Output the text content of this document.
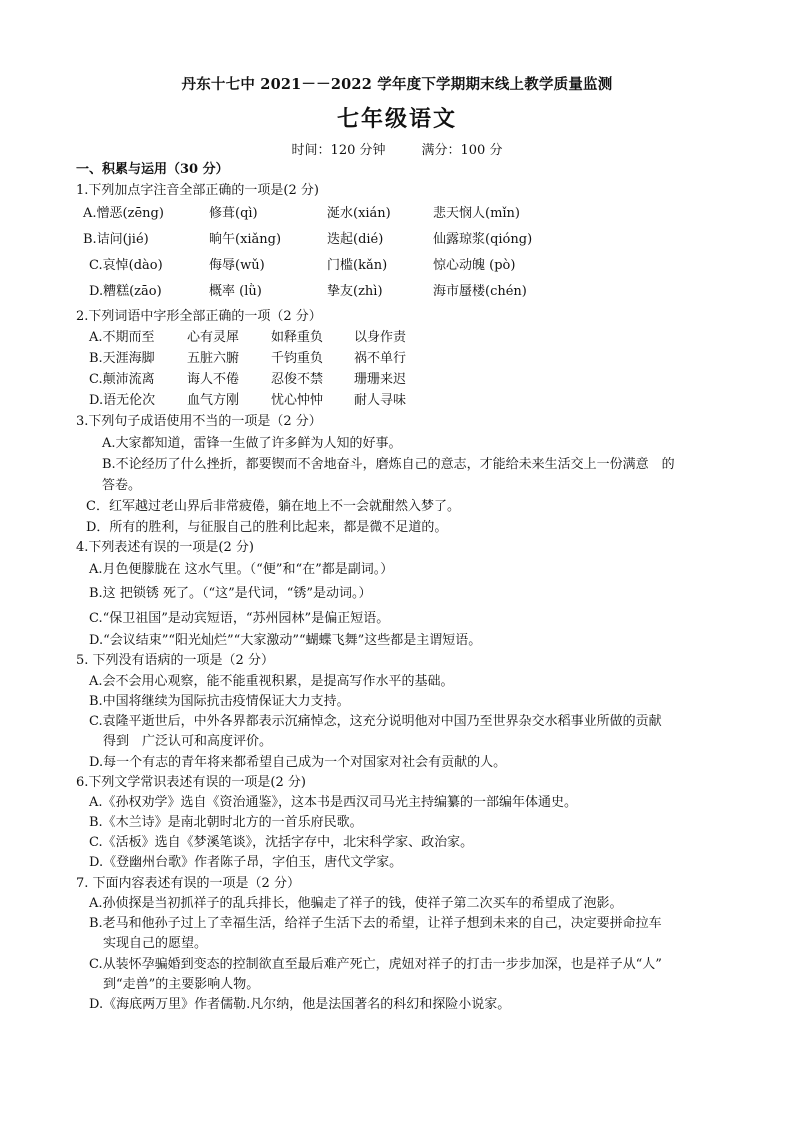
丹东十七中 2021－－2022 学年度下学期期末线上教学质量监测
七年级语文
时间：120 分钟	满分：100 分
一、积累与运用（30 分）
1.下列加点字注音全部正确的一项是(2 分)
A.憎恶(zēng)	修葺(qì)	涎水(xián)	悲天悯人(mǐn)
B.诘问(jié)	晌午(xiǎng)	迭起(dié)	仙露琼浆(qióng)
C.哀悼(dào)	侮辱(wǔ)	门槛(kǎn)	惊心动魄 (pò)
D.糟糕(zāo)	概率 (lǜ)	挚友(zhì)	海市蜃楼(chén)
2.下列词语中字形全部正确的一项（2 分）
A.不期而至 心有灵犀 如释重负 以身作责
B.天涯海脚 五脏六腑 千钧重负 祸不单行
C.颠沛流离 诲人不倦 忍俊不禁 珊珊来迟
D.语无伦次 血气方刚 忧心忡忡 耐人寻味
3.下列句子成语使用不当的一项是（2 分）
A.大家都知道，雷锋一生做了许多鲜为人知的好事。
B.不论经历了什么挫折，都要锲而不舍地奋斗，磨炼自己的意志，才能给未来生活交上一份满意　的
答卷。
C．红军越过老山界后非常疲倦，躺在地上不一会就酣然入梦了。
D．所有的胜利，与征服自己的胜利比起来，都是微不足道的。
4.下列表述有误的一项是(2 分)
A.月色便朦胧在 这水气里。（“便”和“在”都是副词。）
B.这 把锁锈 死了。（“这”是代词，“锈”是动词。）
C.“保卫祖国”是动宾短语，“苏州园林”是偏正短语。
D.“会议结束”“阳光灿烂”“大家激动”“蝴蝶飞舞”这些都是主谓短语。
5. 下列没有语病的一项是（2 分）
A.会不会用心观察，能不能重视积累，是提高写作水平的基础。
B.中国将继续为国际抗击疫情保证大力支持。
C.袁隆平逝世后，中外各界都表示沉痛悼念，这充分说明他对中国乃至世界杂交水稻事业所做的贡献
得到　广泛认可和高度评价。
D.每一个有志的青年将来都希望自己成为一个对国家对社会有贡献的人。
6.下列文学常识表述有误的一项是(2 分)
A.《孙权劝学》选自《资治通鉴》，这本书是西汉司马光主持编纂的一部编年体通史。
B.《木兰诗》是南北朝时北方的一首乐府民歌。
C.《活板》选自《梦溪笔谈》，沈括字存中，北宋科学家、政治家。
D.《登幽州台歌》作者陈子昂，字伯玉，唐代文学家。
7. 下面内容表述有误的一项是（2 分）
A.孙侦探是当初抓祥子的乱兵排长，他骗走了祥子的钱，使祥子第二次买车的希望成了泡影。
B.老马和他孙子过上了幸福生活，给祥子生活下去的希望，让祥子想到未来的自己，决定要拼命拉车
实现自己的愿望。
C.从装怀孕骗婚到变态的控制欲直至最后难产死亡，虎妞对祥子的打击一步步加深，也是祥子从“人”
到“走兽”的主要影响人物。
D.《海底两万里》作者儒勒.凡尔纳，他是法国著名的科幻和探险小说家。
